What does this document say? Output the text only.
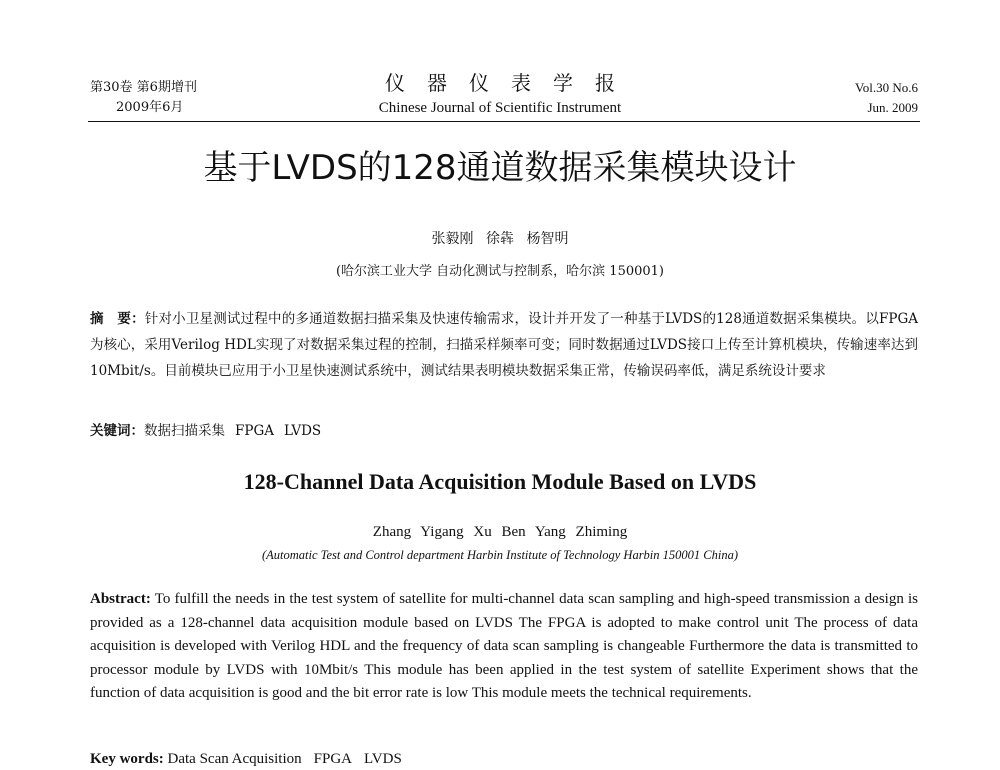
第30卷 第6期增刊
2009年6月
仪器仪表学报
Chinese Journal of Scientific Instrument
Vol.30 No.6
Jun. 2009
基于LVDS的128通道数据采集模块设计
张毅刚 徐犇 杨智明
(哈尔滨工业大学 自动化测试与控制系，哈尔滨 150001)
摘　要：针对小卫星测试过程中的多通道数据扫描采集及快速传输需求，设计并开发了一种基于LVDS的128通道数据采集模块。以FPGA为核心，采用Verilog HDL实现了对数据采集过程的控制，扫描采样频率可变；同时数据通过LVDS接口上传至计算机模块，传输速率达到10Mbit/s。目前模块已应用于小卫星快速测试系统中，测试结果表明模块数据采集正常，传输误码率低，满足系统设计要求
关键词：数据扫描采集 FPGA LVDS
128-Channel Data Acquisition Module Based on LVDS
Zhang Yigang Xu Ben Yang Zhiming
(Automatic Test and Control department Harbin Institute of Technology Harbin 150001 China)
Abstract: To fulfill the needs in the test system of satellite for multi-channel data scan sampling and high-speed transmission a design is provided as a 128-channel data acquisition module based on LVDS The FPGA is adopted to make control unit The process of data acquisition is developed with Verilog HDL and the frequency of data scan sampling is changeable Furthermore the data is transmitted to processor module by LVDS with 10Mbit/s This module has been applied in the test system of satellite Experiment shows that the function of data acquisition is good and the bit error rate is low This module meets the technical requirements.
Key words: Data Scan Acquisition FPGA LVDS
